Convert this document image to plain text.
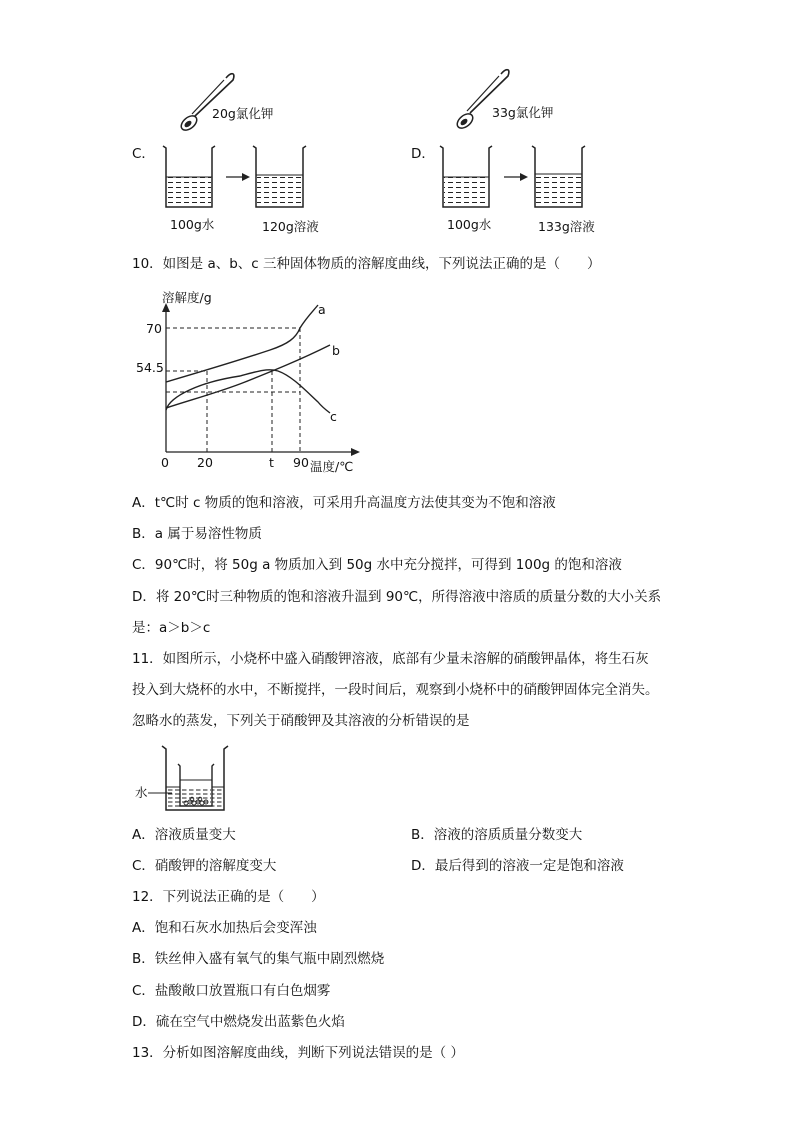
20g氯化钾
C．
100g水	120g溶液
33g氯化钾
D．
100g水	133g溶液
10．如图是 a、b、c 三种固体物质的溶解度曲线，下列说法正确的是（　　）
溶解度/g
温度/℃
0 20	t 90
70
54.5
a
b
c
A．t℃时 c 物质的饱和溶液，可采用升高温度方法使其变为不饱和溶液
B．a 属于易溶性物质
C．90℃时，将 50g a 物质加入到 50g 水中充分搅拌，可得到 100g 的饱和溶液
D．将 20℃时三种物质的饱和溶液升温到 90℃，所得溶液中溶质的质量分数的大小关系
是：a＞b＞c
11．如图所示，小烧杯中盛入硝酸钾溶液，底部有少量未溶解的硝酸钾晶体，将生石灰
投入到大烧杯的水中，不断搅拌，一段时间后，观察到小烧杯中的硝酸钾固体完全消失。
忽略水的蒸发，下列关于硝酸钾及其溶液的分析错误的是
水
A．溶液质量变大	B．溶液的溶质质量分数变大
C．硝酸钾的溶解度变大	D．最后得到的溶液一定是饱和溶液
12．下列说法正确的是（　　）
A．饱和石灰水加热后会变浑浊
B．铁丝伸入盛有氧气的集气瓶中剧烈燃烧
C．盐酸敞口放置瓶口有白色烟雾
D．硫在空气中燃烧发出蓝紫色火焰
13．分析如图溶解度曲线，判断下列说法错误的是（ ）
